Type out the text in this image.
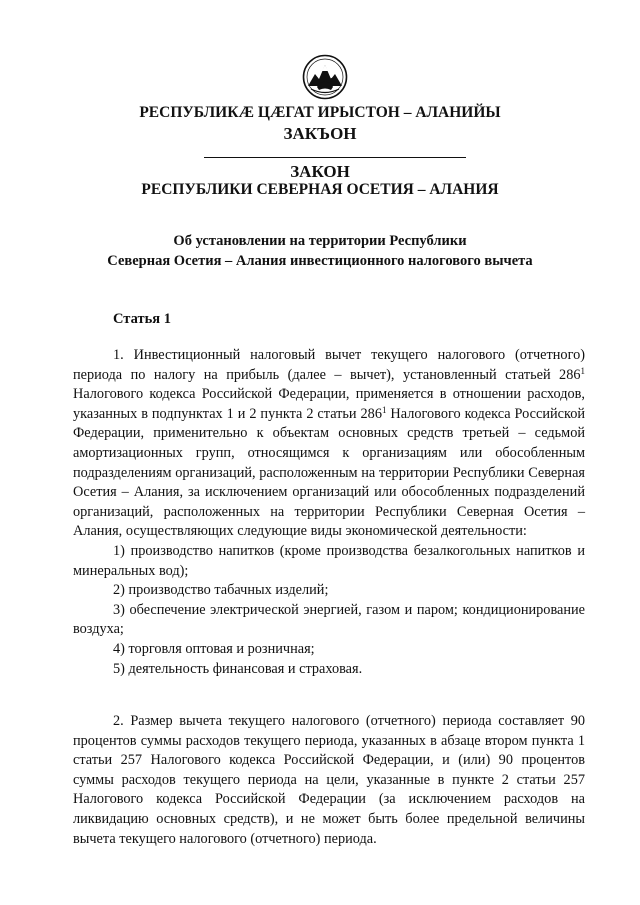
РЕСПУБЛИКӔ ЦӔГАТ ИРЫСТОН – АЛАНИЙЫ
ЗАКЪОН
ЗАКОН
РЕСПУБЛИКИ СЕВЕРНАЯ ОСЕТИЯ – АЛАНИЯ
Об установлении на территории Республики
Северная Осетия – Алания инвестиционного налогового вычета
Статья 1

1. Инвестиционный налоговый вычет текущего налогового (отчетного) периода по налогу на прибыль (далее – вычет), установленный статьей $286^1$ Налогового кодекса Российской Федерации, применяется в отношении расходов, указанных в подпунктах 1 и 2 пункта 2 статьи $286^1$ Налогового кодекса Российской Федерации, применительно к объектам основных средств третьей – седьмой амортизационных групп, относящимся к организациям или обособленным подразделениям организаций, расположенным на территории Республики Северная Осетия – Алания, за исключением организаций или обособленных подразделений организаций, расположенных на территории Республики Северная Осетия – Алания, осуществляющих следующие виды экономической деятельности:

1) производство напитков (кроме производства безалкогольных напитков и минеральных вод);

2) производство табачных изделий;

3) обеспечение электрической энергией, газом и паром; кондиционирование воздуха;

4) торговля оптовая и розничная;

5) деятельность финансовая и страховая.

2. Размер вычета текущего налогового (отчетного) периода составляет 90 процентов суммы расходов текущего периода, указанных в абзаце втором пункта 1 статьи 257 Налогового кодекса Российской Федерации, и (или) 90 процентов суммы расходов текущего периода на цели, указанные в пункте 2 статьи 257 Налогового кодекса Российской Федерации (за исключением расходов на ликвидацию основных средств), и не может быть более предельной величины вычета текущего налогового (отчетного) периода.
